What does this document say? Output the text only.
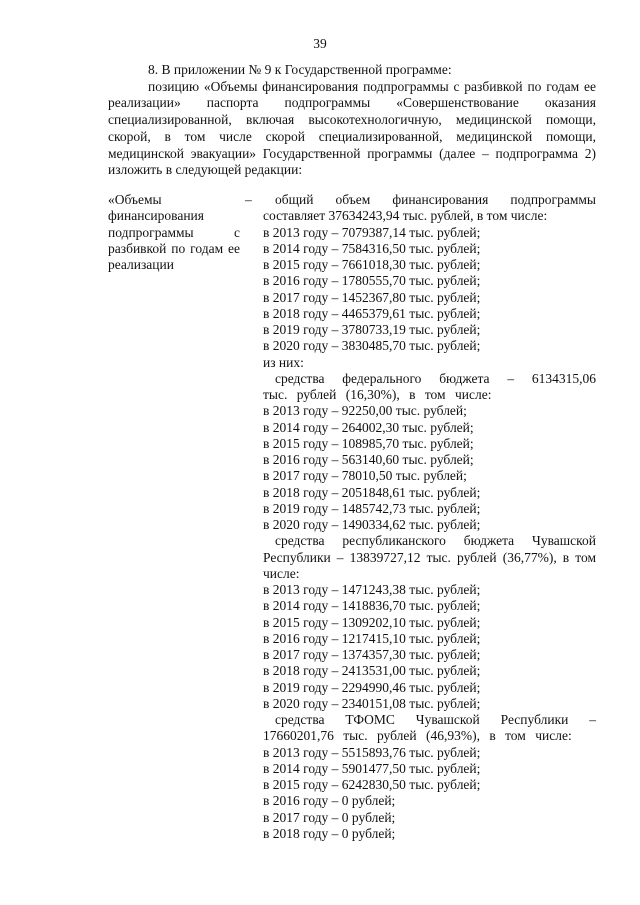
39

8. В приложении № 9 к Государственной программе:

позицию «Объемы финансирования подпрограммы с разбивкой по годам ее реализации» паспорта подпрограммы «Совершенствование оказания специализированной, включая высокотехнологичную, медицинской помощи, скорой, в том числе скорой специализированной, медицинской помощи, медицинской эвакуации» Государственной программы (далее – подпрограмма 2) изложить в следующей редакции:

«Объемы финансирования подпрограммы с разбивкой по годам ее реализации
–	общий объем финансирования подпрограммы составляет 37634243,94 тыс. рублей, в том числе:
в 2013 году – 7079387,14 тыс. рублей;
в 2014 году – 7584316,50 тыс. рублей;
в 2015 году – 7661018,30 тыс. рублей;
в 2016 году – 1780555,70 тыс. рублей;
в 2017 году – 1452367,80 тыс. рублей;
в 2018 году – 4465379,61 тыс. рублей;
в 2019 году – 3780733,19 тыс. рублей;
в 2020 году – 3830485,70 тыс. рублей;
из них:
средства федерального бюджета – 6134315,06 тыс. рублей (16,30%), в том числе:
в 2013 году – 92250,00 тыс. рублей;
в 2014 году – 264002,30 тыс. рублей;
в 2015 году – 108985,70 тыс. рублей;
в 2016 году – 563140,60 тыс. рублей;
в 2017 году – 78010,50 тыс. рублей;
в 2018 году – 2051848,61 тыс. рублей;
в 2019 году – 1485742,73 тыс. рублей;
в 2020 году – 1490334,62 тыс. рублей;
средства республиканского бюджета Чувашской Республики – 13839727,12 тыс. рублей (36,77%), в том числе:
в 2013 году – 1471243,38 тыс. рублей;
в 2014 году – 1418836,70 тыс. рублей;
в 2015 году – 1309202,10 тыс. рублей;
в 2016 году – 1217415,10 тыс. рублей;
в 2017 году – 1374357,30 тыс. рублей;
в 2018 году – 2413531,00 тыс. рублей;
в 2019 году – 2294990,46 тыс. рублей;
в 2020 году – 2340151,08 тыс. рублей;
средства ТФОМС Чувашской Республики – 17660201,76 тыс. рублей (46,93%), в том числе:
в 2013 году – 5515893,76 тыс. рублей;
в 2014 году – 5901477,50 тыс. рублей;
в 2015 году – 6242830,50 тыс. рублей;
в 2016 году – 0 рублей;
в 2017 году – 0 рублей;
в 2018 году – 0 рублей;
